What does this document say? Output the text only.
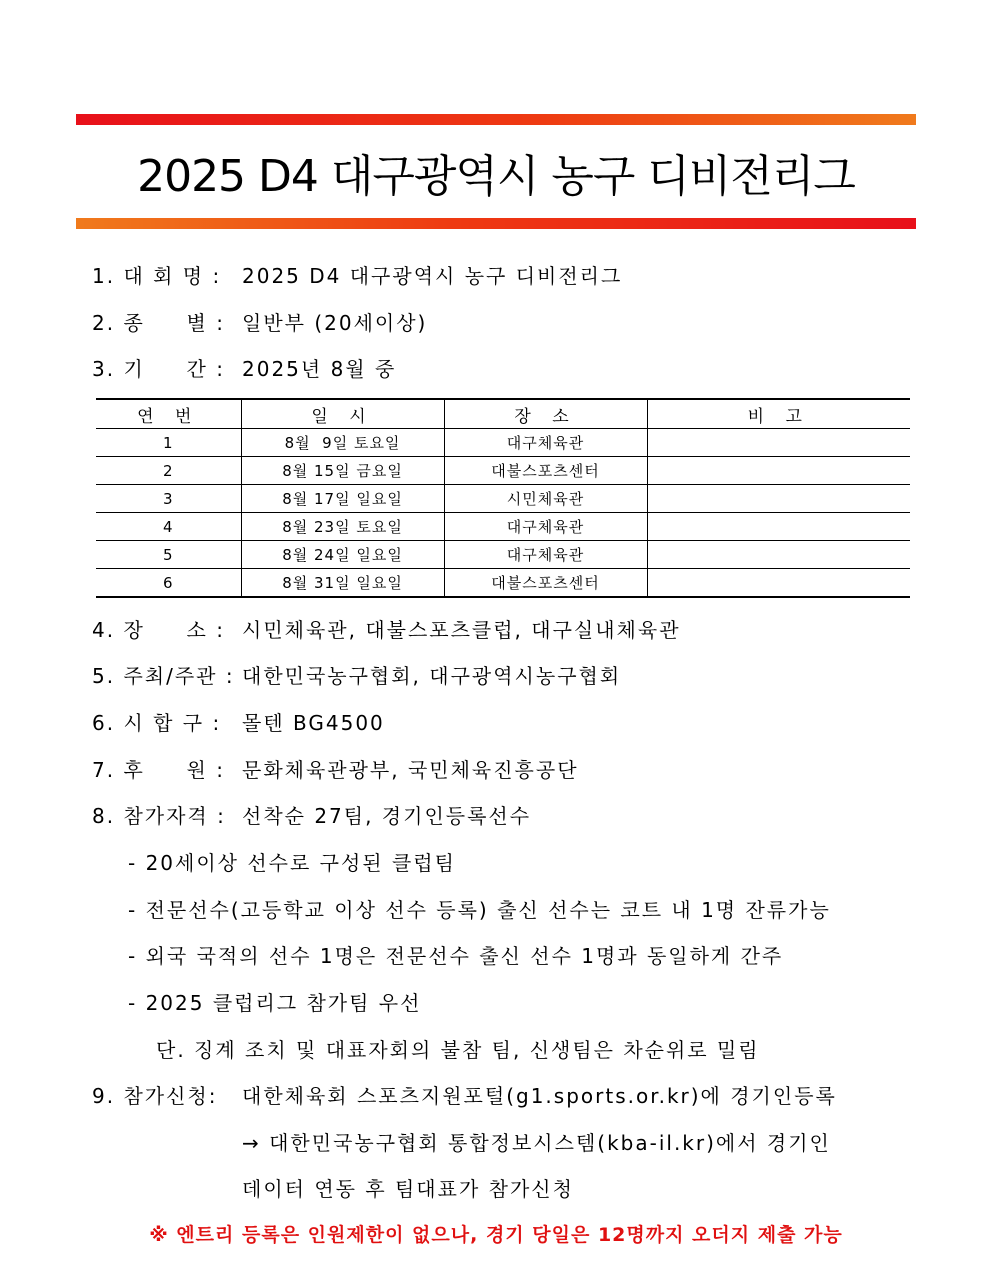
2025 D4 대구광역시 농구 디비전리그
1. 대 회 명 : 2025 D4 대구광역시 농구 디비전리그
2. 종     별 : 일반부 (20세이상)
3. 기     간 : 2025년 8월 중
연 번	일 시	장 소	비 고
1	8월  9일 토요일	대구체육관	
2	8월 15일 금요일	대불스포츠센터	
3	8월 17일 일요일	시민체육관	
4	8월 23일 토요일	대구체육관	
5	8월 24일 일요일	대구체육관	
6	8월 31일 일요일	대불스포츠센터	
4. 장     소 : 시민체육관, 대불스포츠클럽, 대구실내체육관
5. 주최/주관 : 대한민국농구협회, 대구광역시농구협회
6. 시 합 구 : 몰텐 BG4500
7. 후     원 : 문화체육관광부, 국민체육진흥공단
8. 참가자격 : 선착순 27팀, 경기인등록선수
- 20세이상 선수로 구성된 클럽팀
- 전문선수(고등학교 이상 선수 등록) 출신 선수는 코트 내 1명 잔류가능
- 외국 국적의 선수 1명은 전문선수 출신 선수 1명과 동일하게 간주
- 2025 클럽리그 참가팀 우선
단. 징계 조치 및 대표자회의 불참 팀, 신생팀은 차순위로 밀림
9. 참가신청: 대한체육회 스포츠지원포털(g1.sports.or.kr)에 경기인등록
→ 대한민국농구협회 통합정보시스템(kba-il.kr)에서 경기인
데이터 연동 후 팀대표가 참가신청
※ 엔트리 등록은 인원제한이 없으나, 경기 당일은 12명까지 오더지 제출 가능
